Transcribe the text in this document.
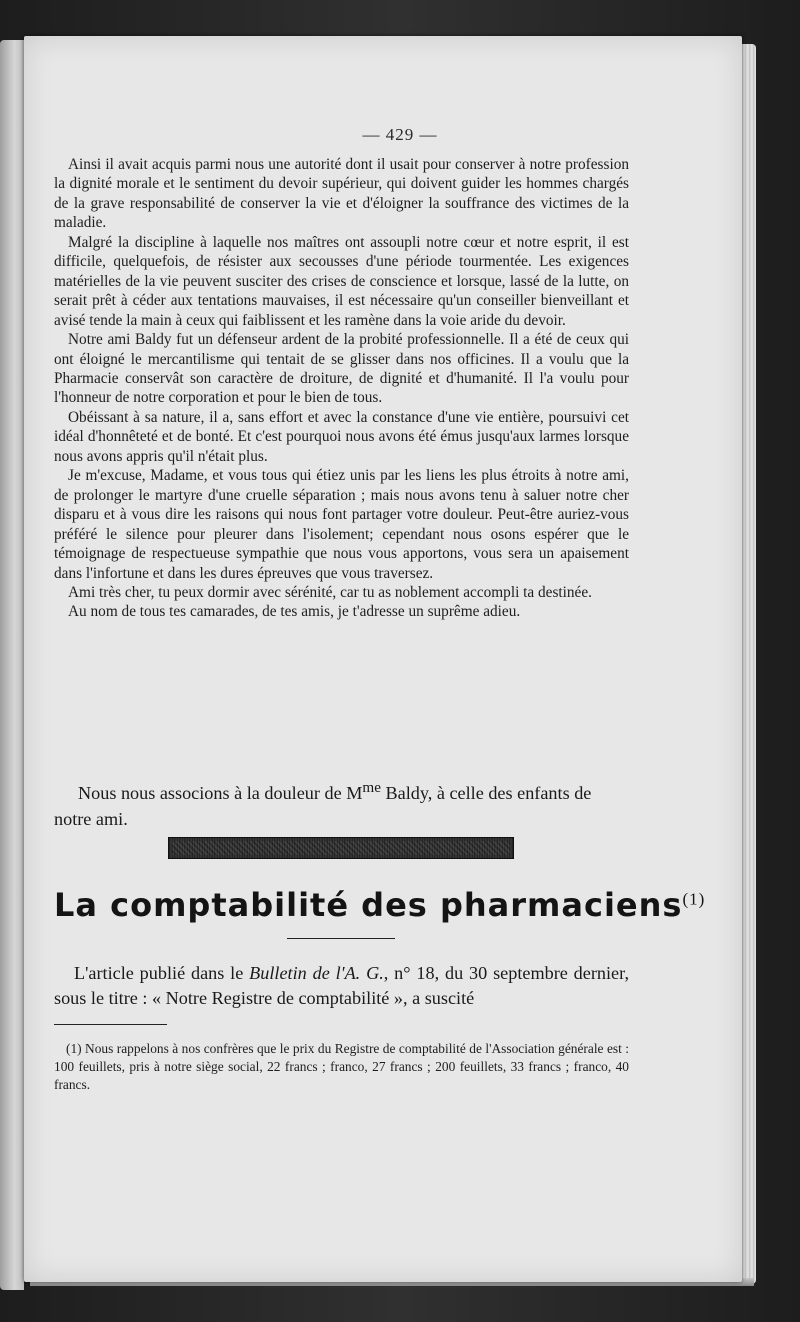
— 429 —

Ainsi il avait acquis parmi nous une autorité dont il usait pour conserver à notre profession la dignité morale et le sentiment du devoir supérieur, qui doivent guider les hommes chargés de la grave responsabilité de conserver la vie et d'éloigner la souffrance des victimes de la maladie.

Malgré la discipline à laquelle nos maîtres ont assoupli notre cœur et notre esprit, il est difficile, quelquefois, de résister aux secousses d'une période tourmentée. Les exigences matérielles de la vie peuvent susciter des crises de conscience et lorsque, lassé de la lutte, on serait prêt à céder aux tentations mauvaises, il est nécessaire qu'un conseiller bienveillant et avisé tende la main à ceux qui faiblissent et les ramène dans la voie aride du devoir.

Notre ami Baldy fut un défenseur ardent de la probité professionnelle. Il a été de ceux qui ont éloigné le mercantilisme qui tentait de se glisser dans nos officines. Il a voulu que la Pharmacie conservât son caractère de droiture, de dignité et d'humanité. Il l'a voulu pour l'honneur de notre corporation et pour le bien de tous.

Obéissant à sa nature, il a, sans effort et avec la constance d'une vie entière, poursuivi cet idéal d'honnêteté et de bonté. Et c'est pourquoi nous avons été émus jusqu'aux larmes lorsque nous avons appris qu'il n'était plus.

Je m'excuse, Madame, et vous tous qui étiez unis par les liens les plus étroits à notre ami, de prolonger le martyre d'une cruelle séparation ; mais nous avons tenu à saluer notre cher disparu et à vous dire les raisons qui nous font partager votre douleur. Peut-être auriez-vous préféré le silence pour pleurer dans l'isolement; cependant nous osons espérer que le témoignage de respectueuse sympathie que nous vous apportons, vous sera un apaisement dans l'infortune et dans les dures épreuves que vous traversez.

Ami très cher, tu peux dormir avec sérénité, car tu as noblement accompli ta destinée.

Au nom de tous tes camarades, de tes amis, je t'adresse un suprême adieu.

Nous nous associons à la douleur de $M^{me}$ Baldy, à celle des enfants de notre ami.

La comptabilité des pharmaciens$^{(1)}$

L'article publié dans le Bulletin de l'A. G., n° 18, du 30 septembre dernier, sous le titre : « Notre Registre de comptabilité », a suscité

(1) Nous rappelons à nos confrères que le prix du Registre de comptabilité de l'Association générale est : 100 feuillets, pris à notre siège social, 22 francs ; franco, 27 francs ; 200 feuillets, 33 francs ; franco, 40 francs.
